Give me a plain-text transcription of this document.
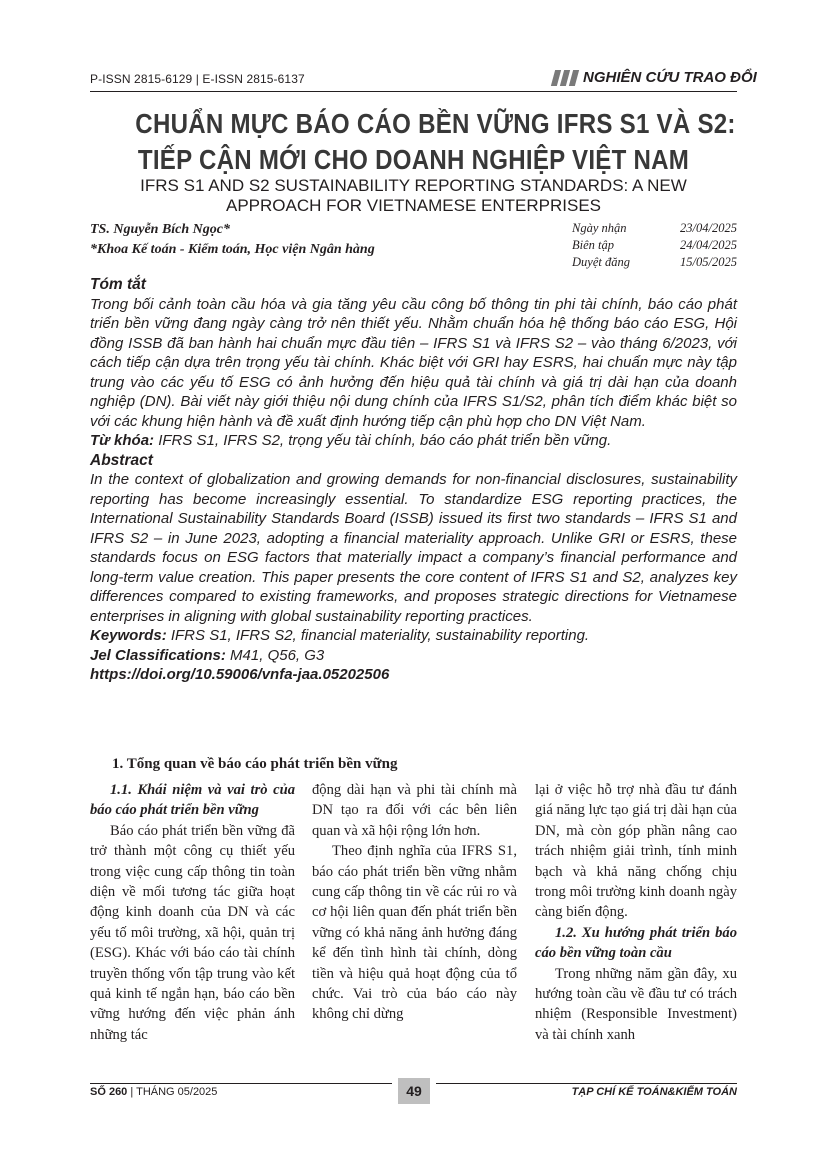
P-ISSN 2815-6129 | E-ISSN 2815-6137	NGHIÊN CỨU TRAO ĐỔI
CHUẨN MỰC BÁO CÁO BỀN VỮNG IFRS S1 VÀ S2:
TIẾP CẬN MỚI CHO DOANH NGHIỆP VIỆT NAM
IFRS S1 AND S2 SUSTAINABILITY REPORTING STANDARDS: A NEW
APPROACH FOR VIETNAMESE ENTERPRISES
TS. Nguyễn Bích Ngọc*
*Khoa Kế toán - Kiểm toán, Học viện Ngân hàng
Ngày nhận	23/04/2025
Biên tập	24/04/2025
Duyệt đăng	15/05/2025
Tóm tắt
Trong bối cảnh toàn cầu hóa và gia tăng yêu cầu công bố thông tin phi tài chính, báo cáo phát triển bền vững đang ngày càng trở nên thiết yếu. Nhằm chuẩn hóa hệ thống báo cáo ESG, Hội đồng ISSB đã ban hành hai chuẩn mực đầu tiên – IFRS S1 và IFRS S2 – vào tháng 6/2023, với cách tiếp cận dựa trên trọng yếu tài chính. Khác biệt với GRI hay ESRS, hai chuẩn mực này tập trung vào các yếu tố ESG có ảnh hưởng đến hiệu quả tài chính và giá trị dài hạn của doanh nghiệp (DN). Bài viết này giới thiệu nội dung chính của IFRS S1/S2, phân tích điểm khác biệt so với các khung hiện hành và đề xuất định hướng tiếp cận phù hợp cho DN Việt Nam.
Từ khóa: IFRS S1, IFRS S2, trọng yếu tài chính, báo cáo phát triển bền vững.
Abstract
In the context of globalization and growing demands for non-financial disclosures, sustainability reporting has become increasingly essential. To standardize ESG reporting practices, the International Sustainability Standards Board (ISSB) issued its first two standards – IFRS S1 and IFRS S2 – in June 2023, adopting a financial materiality approach. Unlike GRI or ESRS, these standards focus on ESG factors that materially impact a company’s financial performance and long-term value creation. This paper presents the core content of IFRS S1 and S2, analyzes key differences compared to existing frameworks, and proposes strategic directions for Vietnamese enterprises in aligning with global sustainability reporting practices.
Keywords: IFRS S1, IFRS S2, financial materiality, sustainability reporting.
Jel Classifications: M41, Q56, G3
https://doi.org/10.59006/vnfa-jaa.05202506
1. Tổng quan về báo cáo phát triển bền vững

1.1. Khái niệm và vai trò của báo cáo phát triển bền vững

Báo cáo phát triển bền vững đã trở thành một công cụ thiết yếu trong việc cung cấp thông tin toàn diện về mối tương tác giữa hoạt động kinh doanh của DN và các yếu tố môi trường, xã hội, quản trị (ESG). Khác với báo cáo tài chính truyền thống vốn tập trung vào kết quả kinh tế ngắn hạn, báo cáo bền vững hướng đến việc phản ánh những tác

động dài hạn và phi tài chính mà DN tạo ra đối với các bên liên quan và xã hội rộng lớn hơn.

Theo định nghĩa của IFRS S1, báo cáo phát triển bền vững nhằm cung cấp thông tin về các rủi ro và cơ hội liên quan đến phát triển bền vững có khả năng ảnh hưởng đáng kể đến tình hình tài chính, dòng tiền và hiệu quả hoạt động của tổ chức. Vai trò của báo cáo này không chỉ dừng

lại ở việc hỗ trợ nhà đầu tư đánh giá năng lực tạo giá trị dài hạn của DN, mà còn góp phần nâng cao trách nhiệm giải trình, tính minh bạch và khả năng chống chịu trong môi trường kinh doanh ngày càng biến động.

1.2. Xu hướng phát triển báo cáo bền vững toàn cầu

Trong những năm gần đây, xu hướng toàn cầu về đầu tư có trách nhiệm (Responsible Investment) và tài chính xanh

SỐ 260 | THÁNG 05/2025	49	TẠP CHÍ KẾ TOÁN&KIỂM TOÁN
